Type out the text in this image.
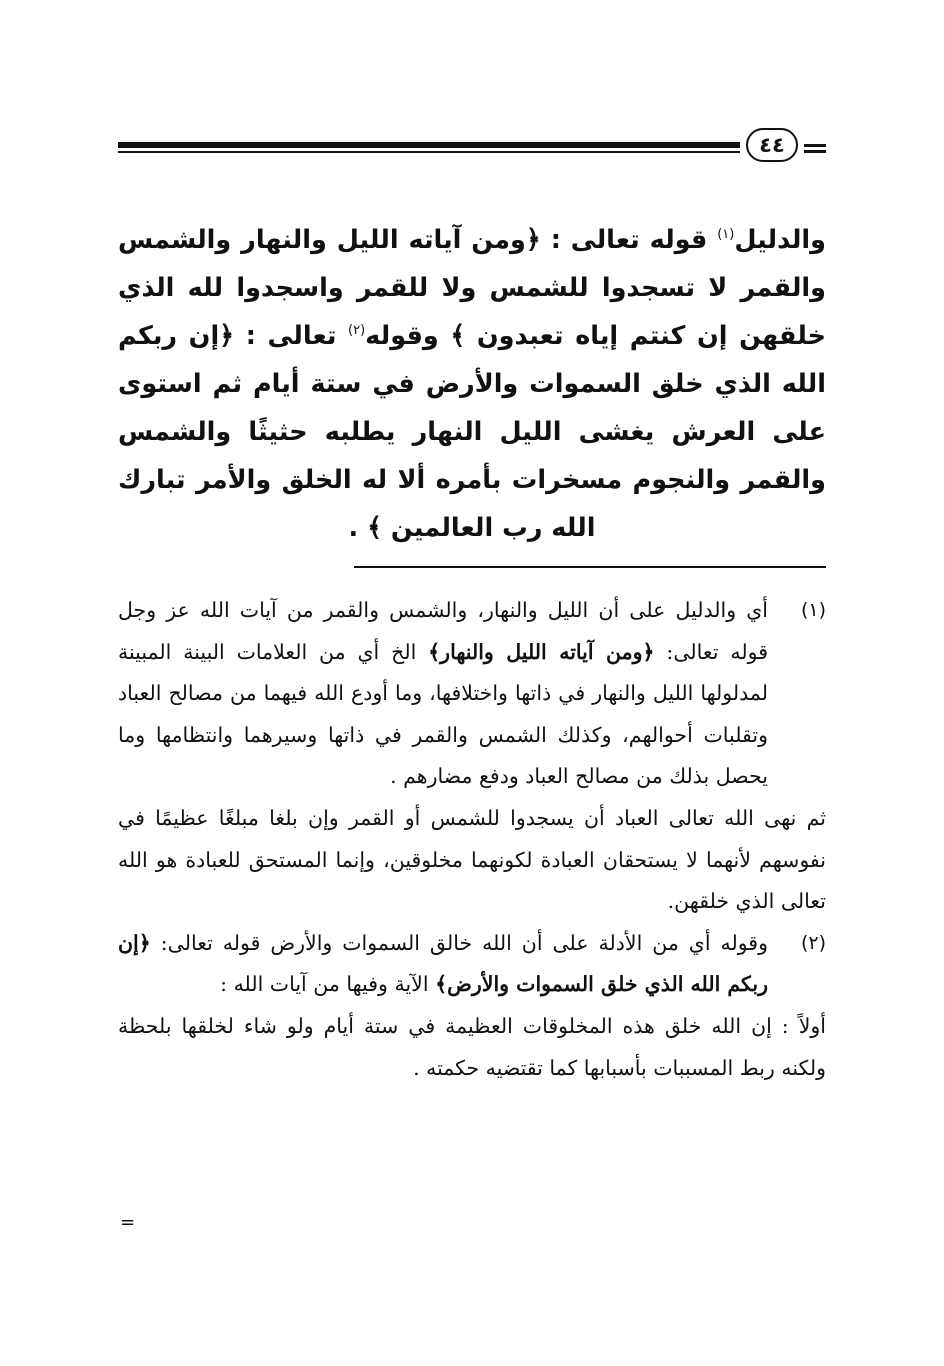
٤٤

والدليل$^{(١)}$ قوله تعالى : ﴿ومن آياته الليل والنهار والشمس والقمر لا تسجدوا للشمس ولا للقمر واسجدوا لله الذي خلقهن إن كنتم إياه تعبدون ﴾ وقوله$^{(٢)}$ تعالى : ﴿إن ربكم الله الذي خلق السموات والأرض في ستة أيام ثم استوى على العرش يغشى الليل النهار يطلبه حثيثًا والشمس والقمر والنجوم مسخرات بأمره ألا له الخلق والأمر تبارك الله رب العالمين ﴾ .

(١)

أي والدليل على أن الليل والنهار، والشمس والقمر من آيات الله عز وجل قوله تعالى: ﴿ومن آياته الليل والنهار﴾ الخ أي من العلامات البينة المبينة لمدلولها الليل والنهار في ذاتها واختلافها، وما أودع الله فيهما من مصالح العباد وتقلبات أحوالهم، وكذلك الشمس والقمر في ذاتها وسيرهما وانتظامها وما يحصل بذلك من مصالح العباد ودفع مضارهم .

ثم نهى الله تعالى العباد أن يسجدوا للشمس أو القمر وإن بلغا مبلغًا عظيمًا في نفوسهم لأنهما لا يستحقان العبادة لكونهما مخلوقين، وإنما المستحق للعبادة هو الله تعالى الذي خلقهن.

(٢)

وقوله أي من الأدلة على أن الله خالق السموات والأرض قوله تعالى: ﴿إن ربكم الله الذي خلق السموات والأرض﴾ الآية وفيها من آيات الله :

أولاً : إن الله خلق هذه المخلوقات العظيمة في ستة أيام ولو شاء لخلقها بلحظة ولكنه ربط المسببات بأسبابها كما تقتضيه حكمته .

=
